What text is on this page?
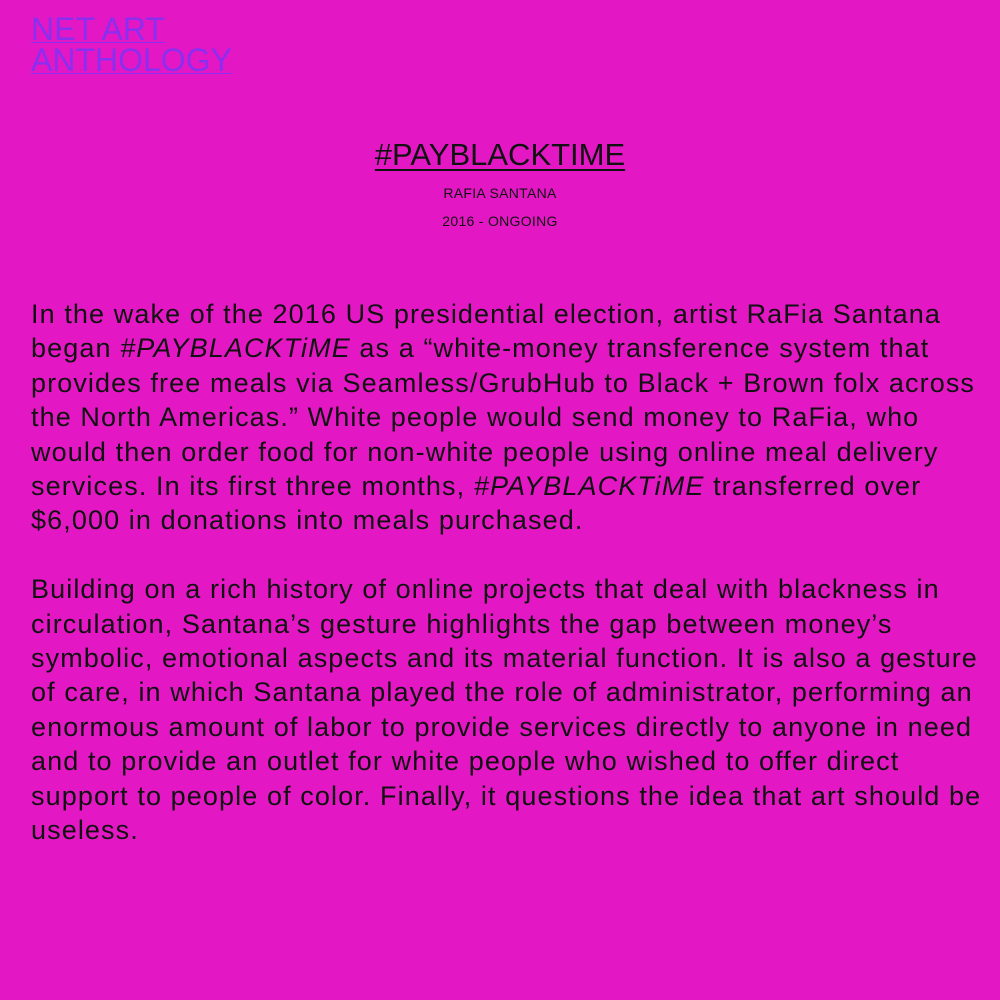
NET ART
ANTHOLOGY
#PAYBLACKTIME
RAFIA SANTANA
2016 - ONGOING

In the wake of the 2016 US presidential election, artist RaFia Santana began #PAYBLACKTiME as a “white-money transference system that provides free meals via Seamless/GrubHub to Black + Brown folx across the North Americas.” White people would send money to RaFia, who would then order food for non-white people using online meal delivery services. In its first three months, #PAYBLACKTiME transferred over $6,000 in donations into meals purchased.

Building on a rich history of online projects that deal with blackness in circulation, Santana’s gesture highlights the gap between money’s symbolic, emotional aspects and its material function. It is also a gesture of care, in which Santana played the role of administrator, performing an enormous amount of labor to provide services directly to anyone in need and to provide an outlet for white people who wished to offer direct support to people of color. Finally, it questions the idea that art should be useless.
